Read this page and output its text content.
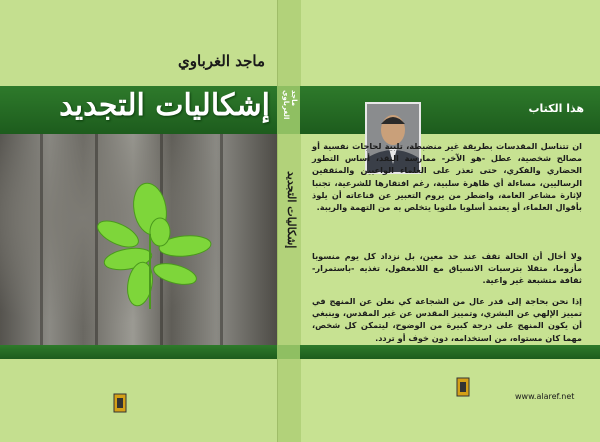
ماجد الغرباوي
إشكاليات التجديد	ماجد الغرباوي
إشكاليات التجديد
هذا الكتاب
ان تتناسل المقدسات بطريقة غير منضبطة، تلبية لحاجات نفسية أو مصالح شخصية، عطل -هو الآخر- ممارسة النقد، أساس التطور الحضاري والفكري، حتى تعذر على العلماء الواعيين والمثقفين الرساليين، مساءلة أي ظاهرة سلبية، رغم افتقارها للشرعية، تجنبا لإثارة مشاعر العامة، واضطر من يروم التعبير عن قناعاته أن يلوذ بأقوال العلماء، أو يعتمد أسلوبا ملتويا يتخلص به من التهمة والريبة.
ولا أخال أن الحالة تقف عند حد معين، بل نزداد كل يوم منسوبا مأزوما، متقلا بترسبات الانسياق مع اللامعقول، تغذيه -باستمرار- ثقافة متشبعة غير واعية.
إذا نحن بحاجة إلى قدر عال من الشجاعة كي نعلن عن المنهج في تمييز الإلهي عن البشري، وتمييز المقدس عن غير المقدس، وينبغي أن يكون المنهج على درجة كبيرة من الوضوح، ليتمكن كل شخص، مهما كان مستواه، من استخدامه، دون خوف أو تردد.
www.alaref.net
